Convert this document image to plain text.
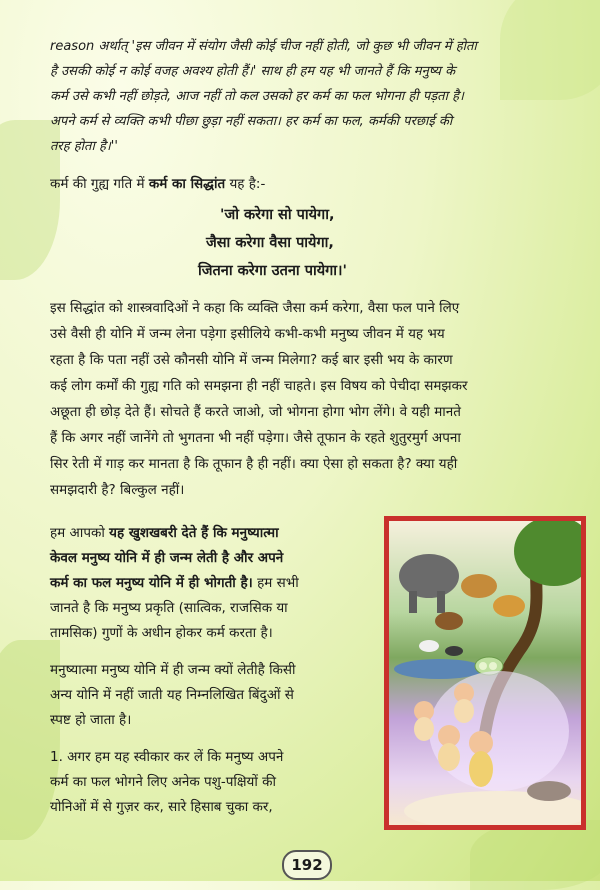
reason अर्थात् 'इस जीवन में संयोग जैसी कोई चीज नहीं होती, जो कुछ भी जीवन में होता

है उसकी कोई न कोई वजह अवश्य होती हैं।' साथ ही हम यह भी जानते हैं कि मनुष्य के

कर्म उसे कभी नहीं छोड़ते, आज नहीं तो कल उसको हर कर्म का फल भोगना ही पड़ता है।

अपने कर्म से व्यक्ति कभी पीछा छुड़ा नहीं सकता। हर कर्म का फल, कर्मकी परछाई की

तरह होता है।''

कर्म की गुह्य गति में कर्म का सिद्धांत यह है:-

'जो करेगा सो पायेगा,
जैसा करेगा वैसा पायेगा,
जितना करेगा उतना पायेगा।'

इस सिद्धांत को शास्त्रवादिओं ने कहा कि व्यक्ति जैसा कर्म करेगा, वैसा फल पाने लिए

उसे वैसी ही योनि में जन्म लेना पड़ेगा इसीलिये कभी-कभी मनुष्य जीवन में यह भय

रहता है कि पता नहीं उसे कौनसी योनि में जन्म मिलेगा? कई बार इसी भय के कारण

कई लोग कर्मों की गुह्य गति को समझना ही नहीं चाहते। इस विषय को पेचीदा समझकर

अछूता ही छोड़ देते हैं। सोचते हैं करते जाओ, जो भोगना होगा भोग लेंगे। वे यही मानते

हैं कि अगर नहीं जानेंगे तो भुगतना भी नहीं पड़ेगा। जैसे तूफान के रहते शुतुरमुर्ग अपना

सिर रेती में गाड़ कर मानता है कि तूफान है ही नहीं। क्या ऐसा हो सकता है? क्या यही

समझदारी है? बिल्कुल नहीं।

हम आपको यह खुशखबरी देते हैं कि मनुष्यात्मा

केवल मनुष्य योनि में ही जन्म लेती है और अपने

कर्म का फल मनुष्य योनि में ही भोगती है। हम सभी

जानते है कि मनुष्य प्रकृति (सात्विक, राजसिक या

तामसिक) गुणों के अधीन होकर कर्म करता है।

मनुष्यात्मा मनुष्य योनि में ही जन्म क्यों लेतीहै किसी

अन्य योनि में नहीं जाती यह निम्नलिखित बिंदुओं से

स्पष्ट हो जाता है।

1. अगर हम यह स्वीकार कर लें कि मनुष्य अपने

कर्म का फल भोगने लिए अनेक पशु-पक्षियों की

योनिओं में से गुज़र कर, सारे हिसाब चुका कर,

192
